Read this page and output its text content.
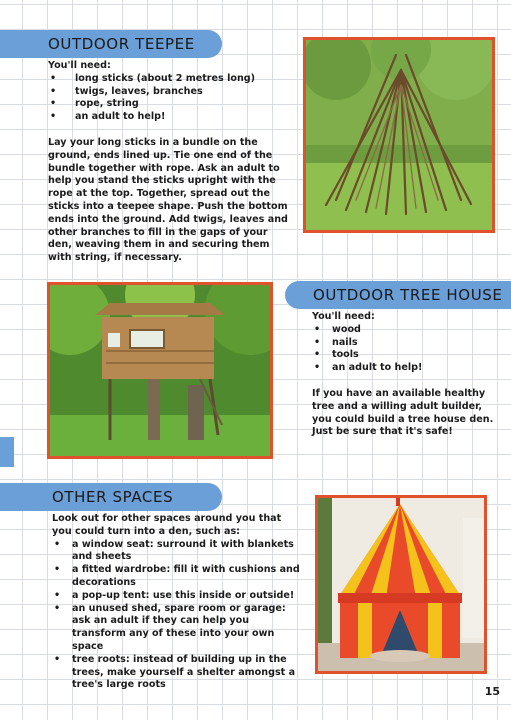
OUTDOOR TEEPEE

You'll need:

• long sticks (about 2 metres long)
• twigs, leaves, branches
• rope, string
• an adult to help!

Lay your long sticks in a bundle on the ground, ends lined up. Tie one end of the bundle together with rope. Ask an adult to help you stand the sticks upright with the rope at the top. Together, spread out the sticks into a teepee shape. Push the bottom ends into the ground. Add twigs, leaves and other branches to fill in the gaps of your den, weaving them in and securing them with string, if necessary.

OUTDOOR TREE HOUSE

You'll need:

• wood
• nails
• tools
• an adult to help!

If you have an available healthy tree and a willing adult builder, you could build a tree house den. Just be sure that it's safe!

OTHER SPACES

Look out for other spaces around you that you could turn into a den, such as:

• a window seat: surround it with blankets and sheets
• a fitted wardrobe: fill it with cushions and decorations
• a pop-up tent: use this inside or outside!
• an unused shed, spare room or garage: ask an adult if they can help you transform any of these into your own space
• tree roots: instead of building up in the trees, make yourself a shelter amongst a tree's large roots
15
